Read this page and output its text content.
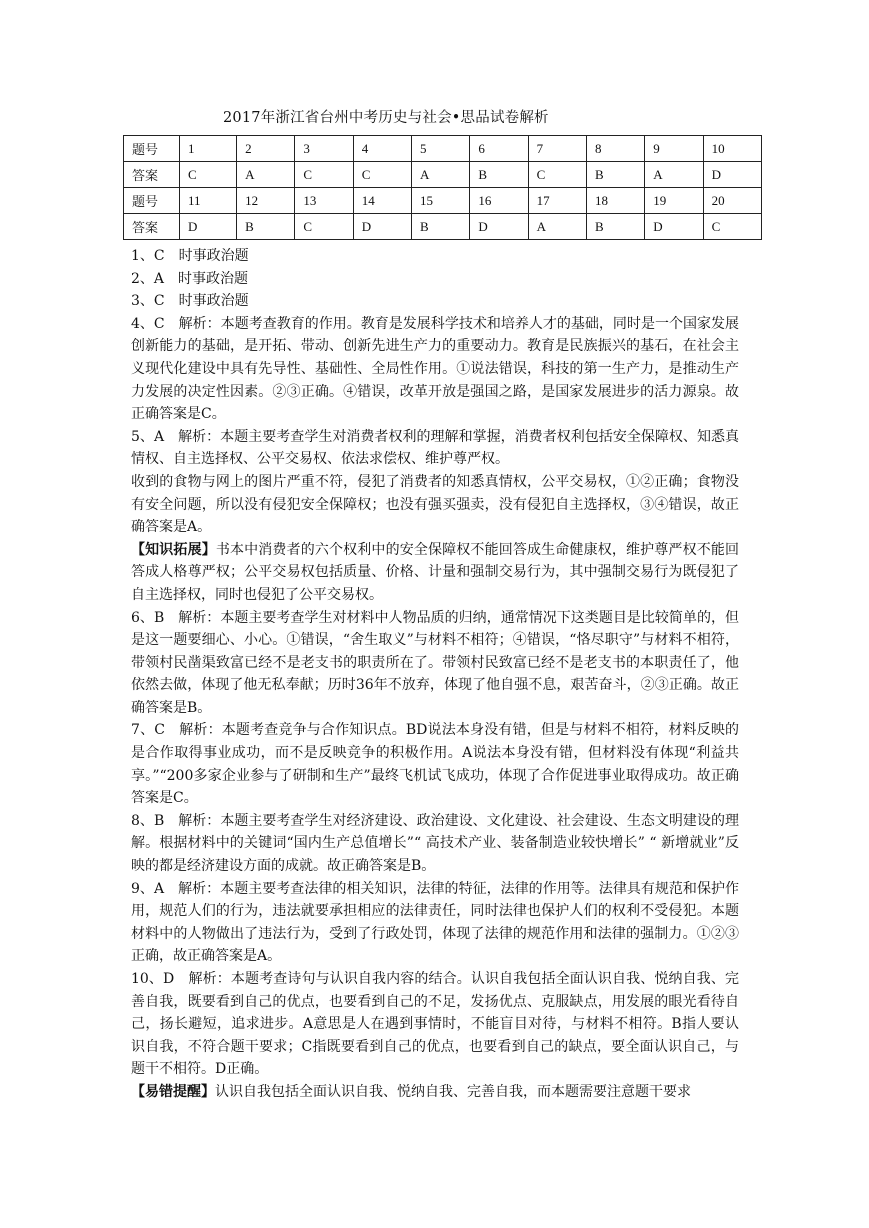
2017年浙江省台州中考历史与社会•思品试卷解析
题号	1	2	3	4	5	6	7	8	9	10
答案	C	A	C	C	A	B	C	B	A	D
题号	11	12	13	14	15	16	17	18	19	20
答案	D	B	C	D	B	D	A	B	D	C

1、C　时事政治题

2、A　时事政治题

3、C　时事政治题

4、C　解析：本题考查教育的作用。教育是发展科学技术和培养人才的基础，同时是一个国家发展创新能力的基础，是开拓、带动、创新先进生产力的重要动力。教育是民族振兴的基石，在社会主义现代化建设中具有先导性、基础性、全局性作用。①说法错误，科技的第一生产力，是推动生产力发展的决定性因素。②③正确。④错误，改革开放是强国之路，是国家发展进步的活力源泉。故正确答案是C。

5、A　解析：本题主要考查学生对消费者权利的理解和掌握，消费者权利包括安全保障权、知悉真情权、自主选择权、公平交易权、依法求偿权、维护尊严权。

收到的食物与网上的图片严重不符，侵犯了消费者的知悉真情权，公平交易权，①②正确；食物没有安全问题，所以没有侵犯安全保障权；也没有强买强卖，没有侵犯自主选择权，③④错误，故正确答案是A。

【知识拓展】书本中消费者的六个权利中的安全保障权不能回答成生命健康权，维护尊严权不能回答成人格尊严权；公平交易权包括质量、价格、计量和强制交易行为，其中强制交易行为既侵犯了自主选择权，同时也侵犯了公平交易权。

6、B　解析：本题主要考查学生对材料中人物品质的归纳，通常情况下这类题目是比较简单的，但是这一题要细心、小心。①错误，“舍生取义”与材料不相符；④错误，“恪尽职守”与材料不相符，带领村民凿渠致富已经不是老支书的职责所在了。带领村民致富已经不是老支书的本职责任了，他依然去做，体现了他无私奉献；历时36年不放弃，体现了他自强不息，艰苦奋斗，②③正确。故正确答案是B。

7、C　解析：本题考查竞争与合作知识点。BD说法本身没有错，但是与材料不相符，材料反映的是合作取得事业成功，而不是反映竞争的积极作用。A说法本身没有错，但材料没有体现“利益共享。”“200多家企业参与了研制和生产”最终飞机试飞成功，体现了合作促进事业取得成功。故正确答案是C。

8、B　解析：本题主要考查学生对经济建设、政治建设、文化建设、社会建设、生态文明建设的理解。根据材料中的关键词“国内生产总值增长”“ 高技术产业、装备制造业较快增长” “ 新增就业”反映的都是经济建设方面的成就。故正确答案是B。

9、A　解析：本题主要考查法律的相关知识，法律的特征，法律的作用等。法律具有规范和保护作用，规范人们的行为，违法就要承担相应的法律责任，同时法律也保护人们的权利不受侵犯。本题材料中的人物做出了违法行为，受到了行政处罚，体现了法律的规范作用和法律的强制力。①②③正确，故正确答案是A。

10、D　解析：本题考查诗句与认识自我内容的结合。认识自我包括全面认识自我、悦纳自我、完善自我，既要看到自己的优点，也要看到自己的不足，发扬优点、克服缺点，用发展的眼光看待自己，扬长避短，追求进步。A意思是人在遇到事情时，不能盲目对待，与材料不相符。B指人要认识自我，不符合题干要求；C指既要看到自己的优点，也要看到自己的缺点，要全面认识自己，与题干不相符。D正确。

【易错提醒】认识自我包括全面认识自我、悦纳自我、完善自我，而本题需要注意题干要求
